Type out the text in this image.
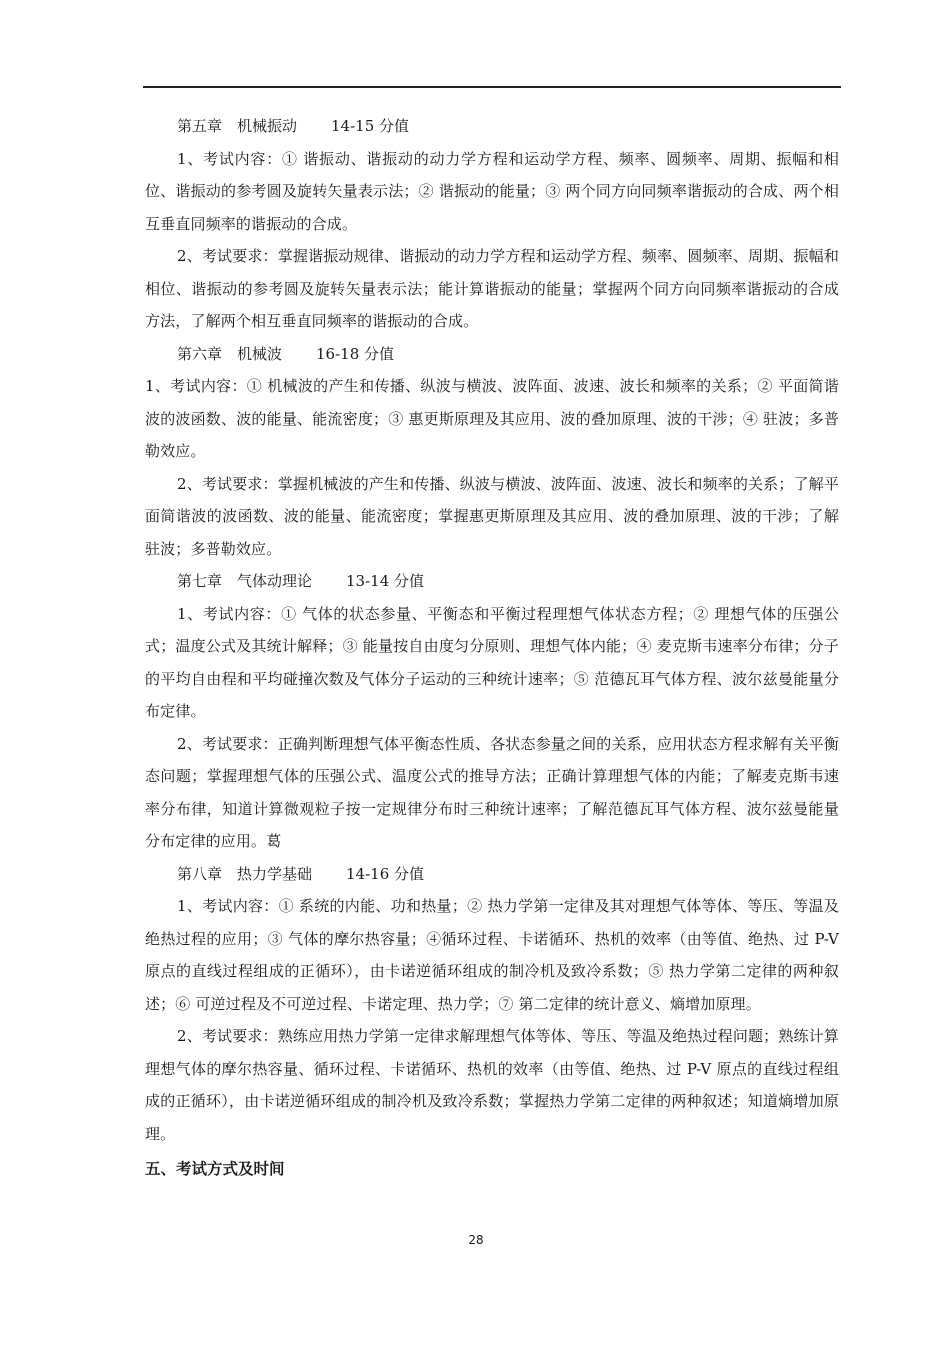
第五章　机械振动 14-15 分值

1、考试内容：① 谐振动、谐振动的动力学方程和运动学方程、频率、圆频率、周期、振幅和相位、谐振动的参考圆及旋转矢量表示法；② 谐振动的能量；③ 两个同方向同频率谐振动的合成、两个相互垂直同频率的谐振动的合成。

2、考试要求：掌握谐振动规律、谐振动的动力学方程和运动学方程、频率、圆频率、周期、振幅和相位、谐振动的参考圆及旋转矢量表示法；能计算谐振动的能量；掌握两个同方向同频率谐振动的合成方法，了解两个相互垂直同频率的谐振动的合成。

第六章　机械波 16-18 分值

1、考试内容：① 机械波的产生和传播、纵波与横波、波阵面、波速、波长和频率的关系；② 平面简谐波的波函数、波的能量、能流密度；③ 惠更斯原理及其应用、波的叠加原理、波的干涉；④ 驻波；多普勒效应。

2、考试要求：掌握机械波的产生和传播、纵波与横波、波阵面、波速、波长和频率的关系；了解平面简谐波的波函数、波的能量、能流密度；掌握惠更斯原理及其应用、波的叠加原理、波的干涉；了解驻波；多普勒效应。

第七章　气体动理论 13-14 分值

1、考试内容：① 气体的状态参量、平衡态和平衡过程理想气体状态方程；② 理想气体的压强公式；温度公式及其统计解释；③ 能量按自由度匀分原则、理想气体内能；④ 麦克斯韦速率分布律；分子的平均自由程和平均碰撞次数及气体分子运动的三种统计速率；⑤ 范德瓦耳气体方程、波尔兹曼能量分布定律。

2、考试要求：正确判断理想气体平衡态性质、各状态参量之间的关系，应用状态方程求解有关平衡态问题；掌握理想气体的压强公式、温度公式的推导方法；正确计算理想气体的内能；了解麦克斯韦速率分布律，知道计算微观粒子按一定规律分布时三种统计速率；了解范德瓦耳气体方程、波尔兹曼能量分布定律的应用。葛

第八章　热力学基础 14-16 分值

1、考试内容：① 系统的内能、功和热量；② 热力学第一定律及其对理想气体等体、等压、等温及绝热过程的应用；③ 气体的摩尔热容量；④循环过程、卡诺循环、热机的效率（由等值、绝热、过 P-V 原点的直线过程组成的正循环），由卡诺逆循环组成的制冷机及致冷系数；⑤ 热力学第二定律的两种叙述；⑥ 可逆过程及不可逆过程、卡诺定理、热力学；⑦ 第二定律的统计意义、熵增加原理。

2、考试要求：熟练应用热力学第一定律求解理想气体等体、等压、等温及绝热过程问题；熟练计算理想气体的摩尔热容量、循环过程、卡诺循环、热机的效率（由等值、绝热、过 P-V 原点的直线过程组成的正循环），由卡诺逆循环组成的制冷机及致冷系数；掌握热力学第二定律的两种叙述；知道熵增加原理。

五、考试方式及时间

28
